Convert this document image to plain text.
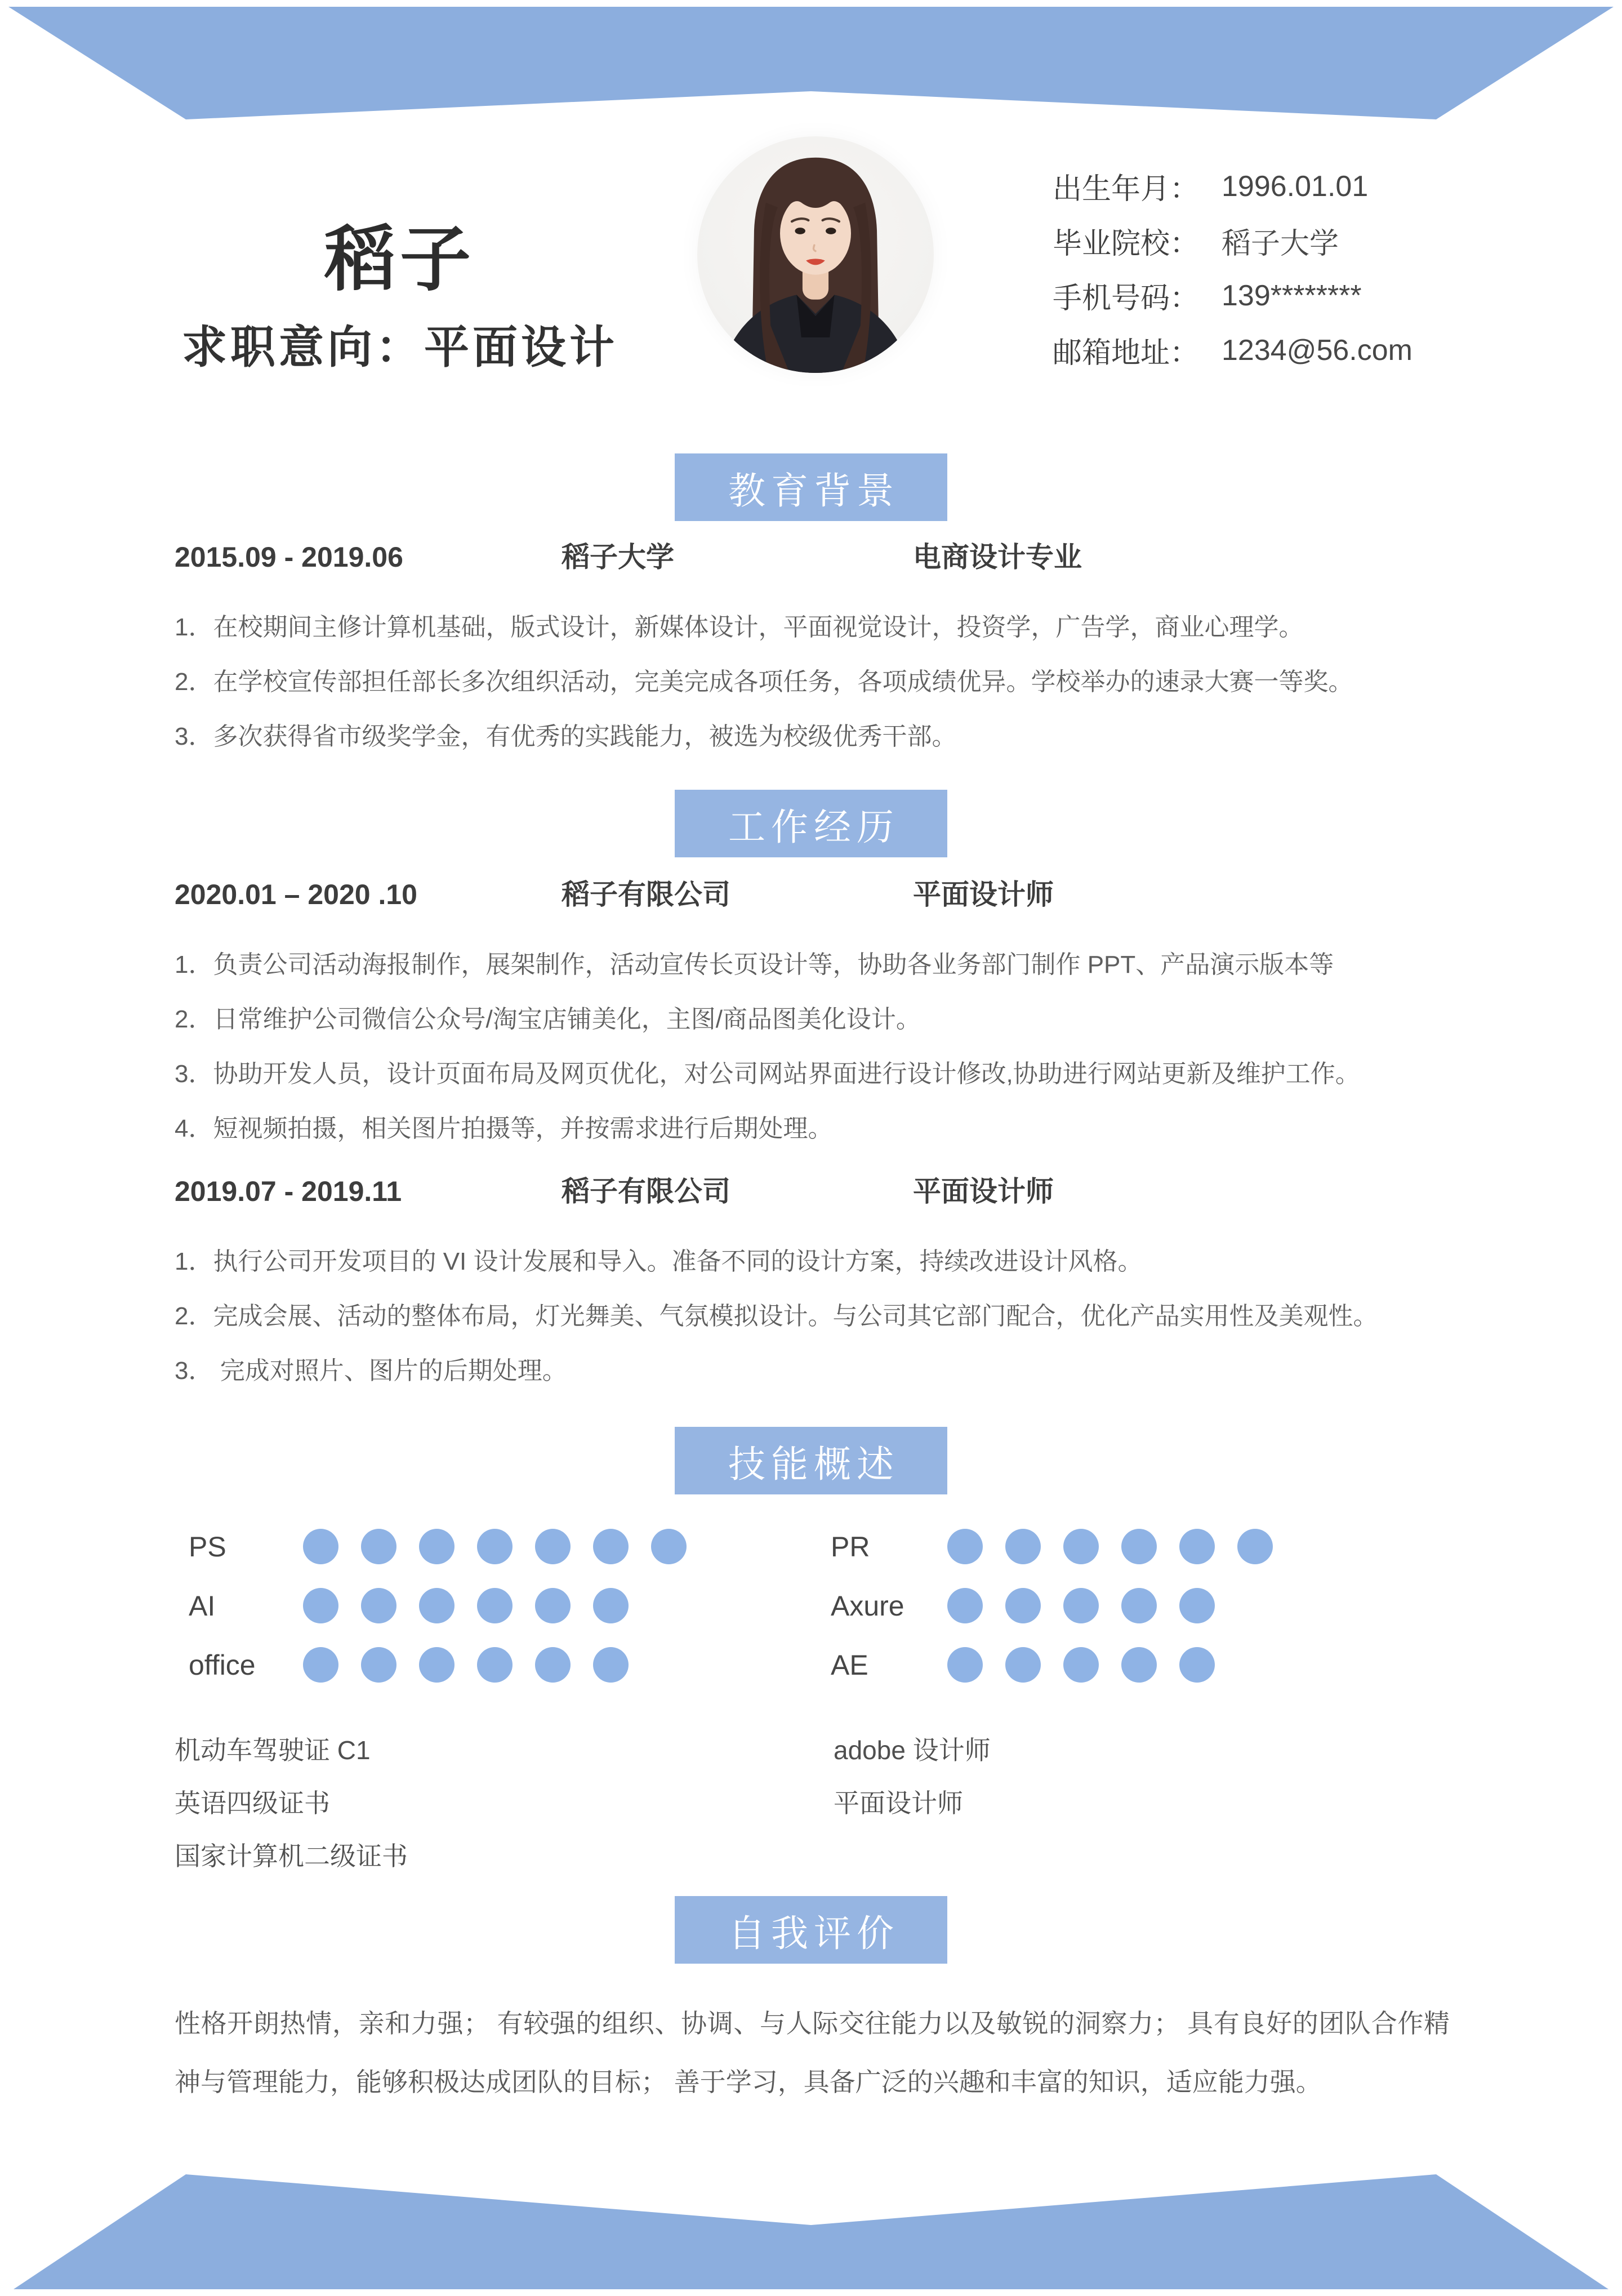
稻子
求职意向：平面设计
出生年月： 1996.01.01
毕业院校： 稻子大学
手机号码： 139********
邮箱地址： 1234@56.com
教育背景
2015.09 - 2019.06	稻子大学	电商设计专业
1．在校期间主修计算机基础，版式设计，新媒体设计，平面视觉设计，投资学，广告学，商业心理学。
2．在学校宣传部担任部长多次组织活动，完美完成各项任务，各项成绩优异。学校举办的速录大赛一等奖。
3．多次获得省市级奖学金，有优秀的实践能力，被选为校级优秀干部。
工作经历
2020.01 – 2020 .10	稻子有限公司	平面设计师
1．负责公司活动海报制作，展架制作，活动宣传长页设计等，协助各业务部门制作 PPT、产品演示版本等
2．日常维护公司微信公众号/淘宝店铺美化，主图/商品图美化设计。
3．协助开发人员，设计页面布局及网页优化，对公司网站界面进行设计修改,协助进行网站更新及维护工作。
4．短视频拍摄，相关图片拍摄等，并按需求进行后期处理。
2019.07 - 2019.11	稻子有限公司	平面设计师
1．执行公司开发项目的 VI 设计发展和导入。准备不同的设计方案，持续改进设计风格。
2．完成会展、活动的整体布局，灯光舞美、气氛模拟设计。与公司其它部门配合，优化产品实用性及美观性。
3． 完成对照片、图片的后期处理。
技能概述
PS
AI
office
PR
Axure
AE
机动车驾驶证 C1
英语四级证书
国家计算机二级证书
adobe 设计师
平面设计师
自我评价
性格开朗热情，亲和力强； 有较强的组织、协调、与人际交往能力以及敏锐的洞察力； 具有良好的团队合作精神与管理能力，能够积极达成团队的目标； 善于学习，具备广泛的兴趣和丰富的知识，适应能力强。
